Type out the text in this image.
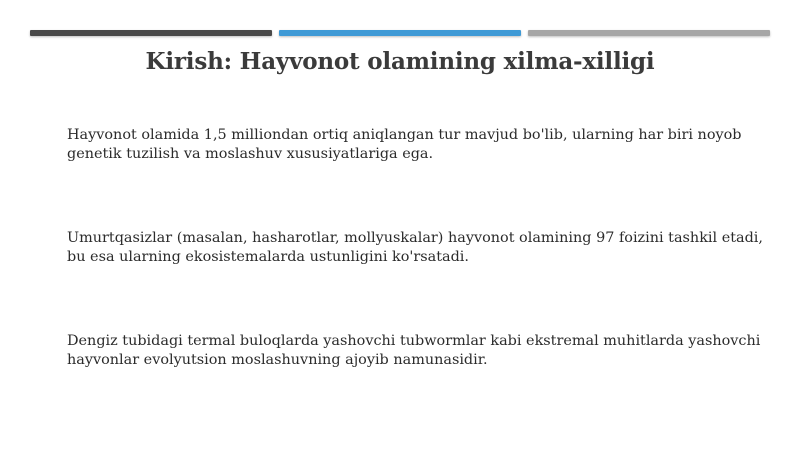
Kirish: Hayvonot olamining xilma-xilligi
Hayvonot olamida 1,5 milliondan ortiq aniqlangan tur mavjud bo'lib, ularning har biri noyob genetik tuzilish va moslashuv xususiyatlariga ega.
Umurtqasizlar (masalan, hasharotlar, mollyuskalar) hayvonot olamining 97 foizini tashkil etadi, bu esa ularning ekosistemalarda ustunligini ko'rsatadi.
Dengiz tubidagi termal buloqlarda yashovchi tubwormlar kabi ekstremal muhitlarda yashovchi hayvonlar evolyutsion moslashuvning ajoyib namunasidir.
